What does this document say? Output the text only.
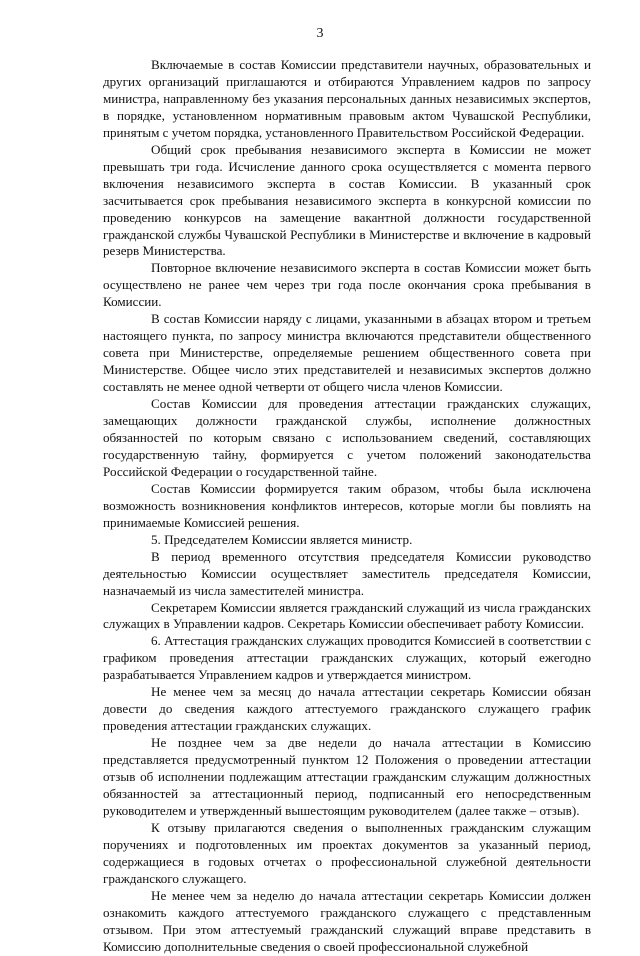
3

Включаемые в состав Комиссии представители научных, образовательных и других организаций приглашаются и отбираются Управлением кадров по запросу министра, направленному без указания персональных данных независимых экспертов, в порядке, установленном нормативным правовым актом Чувашской Республики, принятым с учетом порядка, установленного Правительством Российской Федерации.

Общий срок пребывания независимого эксперта в Комиссии не может превышать три года. Исчисление данного срока осуществляется с момента первого включения независимого эксперта в состав Комиссии. В указанный срок засчитывается срок пребывания независимого эксперта в конкурсной комиссии по проведению конкурсов на замещение вакантной должности государственной гражданской службы Чувашской Республики в Министерстве и включение в кадровый резерв Министерства.

Повторное включение независимого эксперта в состав Комиссии может быть осуществлено не ранее чем через три года после окончания срока пребывания в Комиссии.

В состав Комиссии наряду с лицами, указанными в абзацах втором и третьем настоящего пункта, по запросу министра включаются представители общественного совета при Министерстве, определяемые решением общественного совета при Министерстве. Общее число этих представителей и независимых экспертов должно составлять не менее одной четверти от общего числа членов Комиссии.

Состав Комиссии для проведения аттестации гражданских служащих, замещающих должности гражданской службы, исполнение должностных обязанностей по которым связано с использованием сведений, составляющих государственную тайну, формируется с учетом положений законодательства Российской Федерации о государственной тайне.

Состав Комиссии формируется таким образом, чтобы была исключена возможность возникновения конфликтов интересов, которые могли бы повлиять на принимаемые Комиссией решения.

5. Председателем Комиссии является министр.

В период временного отсутствия председателя Комиссии руководство деятельностью Комиссии осуществляет заместитель председателя Комиссии, назначаемый из числа заместителей министра.

Секретарем Комиссии является гражданский служащий из числа гражданских служащих в Управлении кадров. Секретарь Комиссии обеспечивает работу Комиссии.

6. Аттестация гражданских служащих проводится Комиссией в соответствии с графиком проведения аттестации гражданских служащих, который ежегодно разрабатывается Управлением кадров и утверждается министром.

Не менее чем за месяц до начала аттестации секретарь Комиссии обязан довести до сведения каждого аттестуемого гражданского служащего график проведения аттестации гражданских служащих.

Не позднее чем за две недели до начала аттестации в Комиссию представляется предусмотренный пунктом 12 Положения о проведении аттестации отзыв об исполнении подлежащим аттестации гражданским служащим должностных обязанностей за аттестационный период, подписанный его непосредственным руководителем и утвержденный вышестоящим руководителем (далее также – отзыв).

К отзыву прилагаются сведения о выполненных гражданским служащим поручениях и подготовленных им проектах документов за указанный период, содержащиеся в годовых отчетах о профессиональной служебной деятельности гражданского служащего.

Не менее чем за неделю до начала аттестации секретарь Комиссии должен ознакомить каждого аттестуемого гражданского служащего с представленным отзывом. При этом аттестуемый гражданский служащий вправе представить в Комиссию дополнительные сведения о своей профессиональной служебной
